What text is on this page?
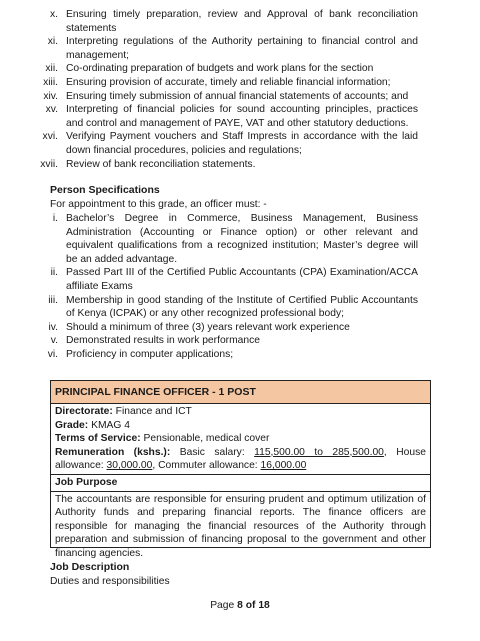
x. Ensuring timely preparation, review and Approval of bank reconciliation statements
xi. Interpreting regulations of the Authority pertaining to financial control and management;
xii. Co-ordinating preparation of budgets and work plans for the section
xiii. Ensuring provision of accurate, timely and reliable financial information;
xiv. Ensuring timely submission of annual financial statements of accounts; and
xv. Interpreting of financial policies for sound accounting principles, practices and control and management of PAYE, VAT and other statutory deductions.
xvi. Verifying Payment vouchers and Staff Imprests in accordance with the laid down financial procedures, policies and regulations;
xvii. Review of bank reconciliation statements.
Person Specifications
For appointment to this grade, an officer must: -
i. Bachelor’s Degree in Commerce, Business Management, Business Administration (Accounting or Finance option) or other relevant and equivalent qualifications from a recognized institution; Master’s degree will be an added advantage.
ii. Passed Part III of the Certified Public Accountants (CPA) Examination/ACCA affiliate Exams
iii. Membership in good standing of the Institute of Certified Public Accountants of Kenya (ICPAK) or any other recognized professional body;
iv. Should a minimum of three (3) years relevant work experience
v. Demonstrated results in work performance
vi. Proficiency in computer applications;
PRINCIPAL FINANCE OFFICER - 1 POST
Directorate: Finance and ICT
Grade: KMAG 4
Terms of Service: Pensionable, medical cover
Remuneration (kshs.): Basic salary: 115,500.00 to 285,500.00, House allowance: 30,000.00, Commuter allowance: 16,000.00
Job Purpose
The accountants are responsible for ensuring prudent and optimum utilization of Authority funds and preparing financial reports. The finance officers are responsible for managing the financial resources of the Authority through preparation and submission of financing proposal to the government and other financing agencies.
Job Description
Duties and responsibilities
Page 8 of 18
